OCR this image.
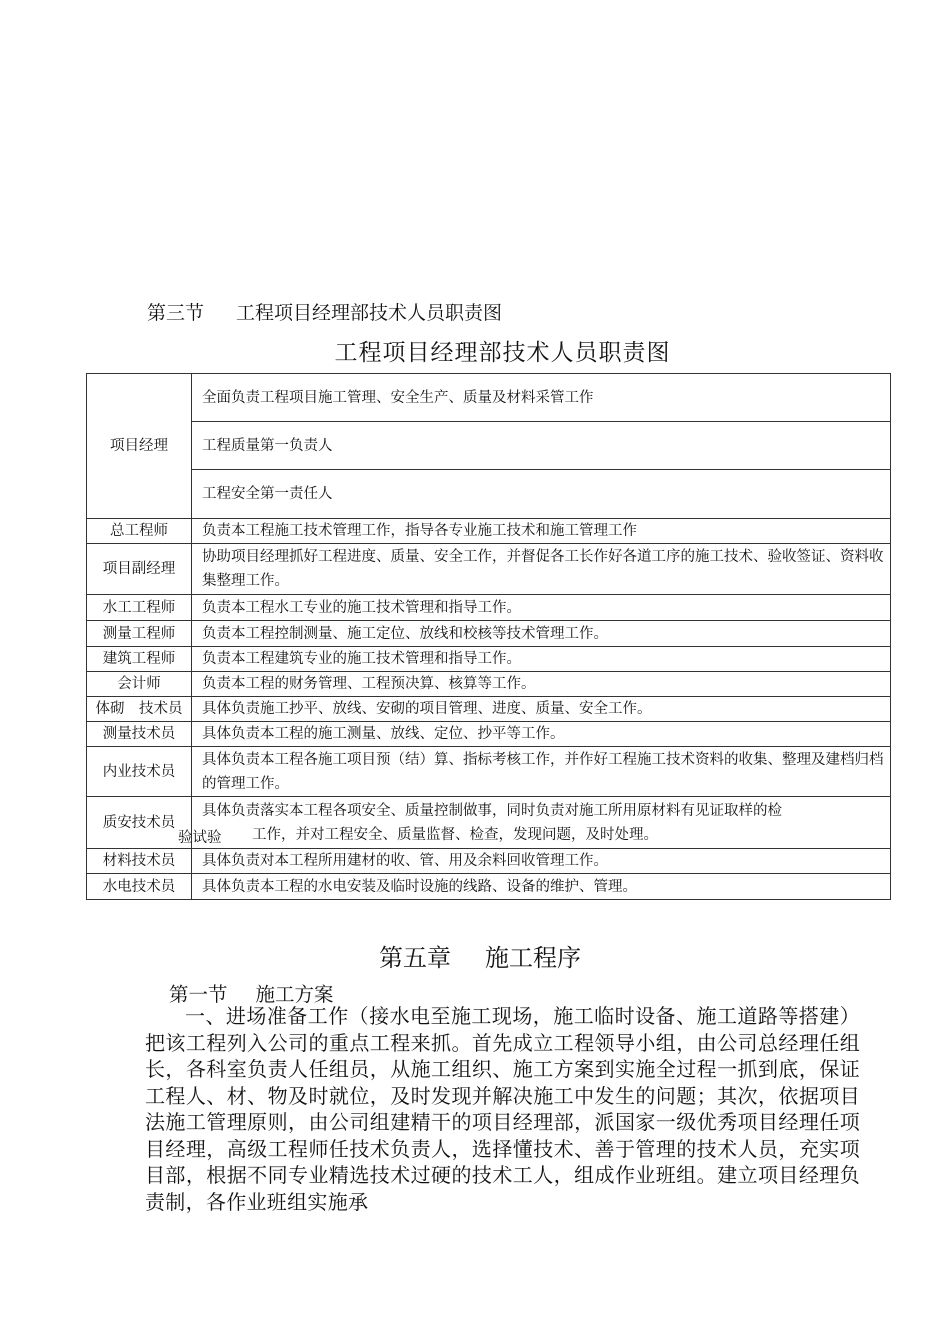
第三节 工程项目经理部技术人员职责图
工程项目经理部技术人员职责图
项目经理	全面负责工程项目施工管理、安全生产、质量及材料采管工作
	工程质量第一负责人
	工程安全第一责任人
总工程师	负责本工程施工技术管理工作，指导各专业施工技术和施工管理工作
项目副经理	协助项目经理抓好工程进度、质量、安全工作，并督促各工长作好各道工序的施工技术、验收签证、资料收集整理工作。
水工工程师	负责本工程水工专业的施工技术管理和指导工作。
测量工程师	负责本工程控制测量、施工定位、放线和校核等技术管理工作。
建筑工程师	负责本工程建筑专业的施工技术管理和指导工作。
会计师	负责本工程的财务管理、工程预决算、核算等工作。
体砌　技术员	具体负责施工抄平、放线、安砌的项目管理、进度、质量、安全工作。
测量技术员	具体负责本工程的施工测量、放线、定位、抄平等工作。
内业技术员	具体负责本工程各施工项目预（结）算、指标考核工作，并作好工程施工技术资料的收集、整理及建档归档的管理工作。
质安技术员	具体负责落实本工程各项安全、质量控制做事，同时负责对施工所用原材料有见证取样的检
工作，并对工程安全、质量监督、检查，发现问题，及时处理。

材料技术员	具体负责对本工程所用建材的收、管、用及余料回收管理工作。
水电技术员	具体负责本工程的水电安装及临时设施的线路、设备的维护、管理。
验试验
第五章 施工程序
第一节 施工方案
一、进场准备工作（接水电至施工现场，施工临时设备、施工道路等搭建）把该工程列入公司的重点工程来抓。首先成立工程领导小组，由公司总经理任组长，各科室负责人任组员，从施工组织、施工方案到实施全过程一抓到底，保证工程人、材、物及时就位，及时发现并解决施工中发生的问题；其次，依据项目法施工管理原则，由公司组建精干的项目经理部，派国家一级优秀项目经理任项目经理，高级工程师任技术负责人，选择懂技术、善于管理的技术人员，充实项目部，根据不同专业精选技术过硬的技术工人，组成作业班组。建立项目经理负责制，各作业班组实施承
